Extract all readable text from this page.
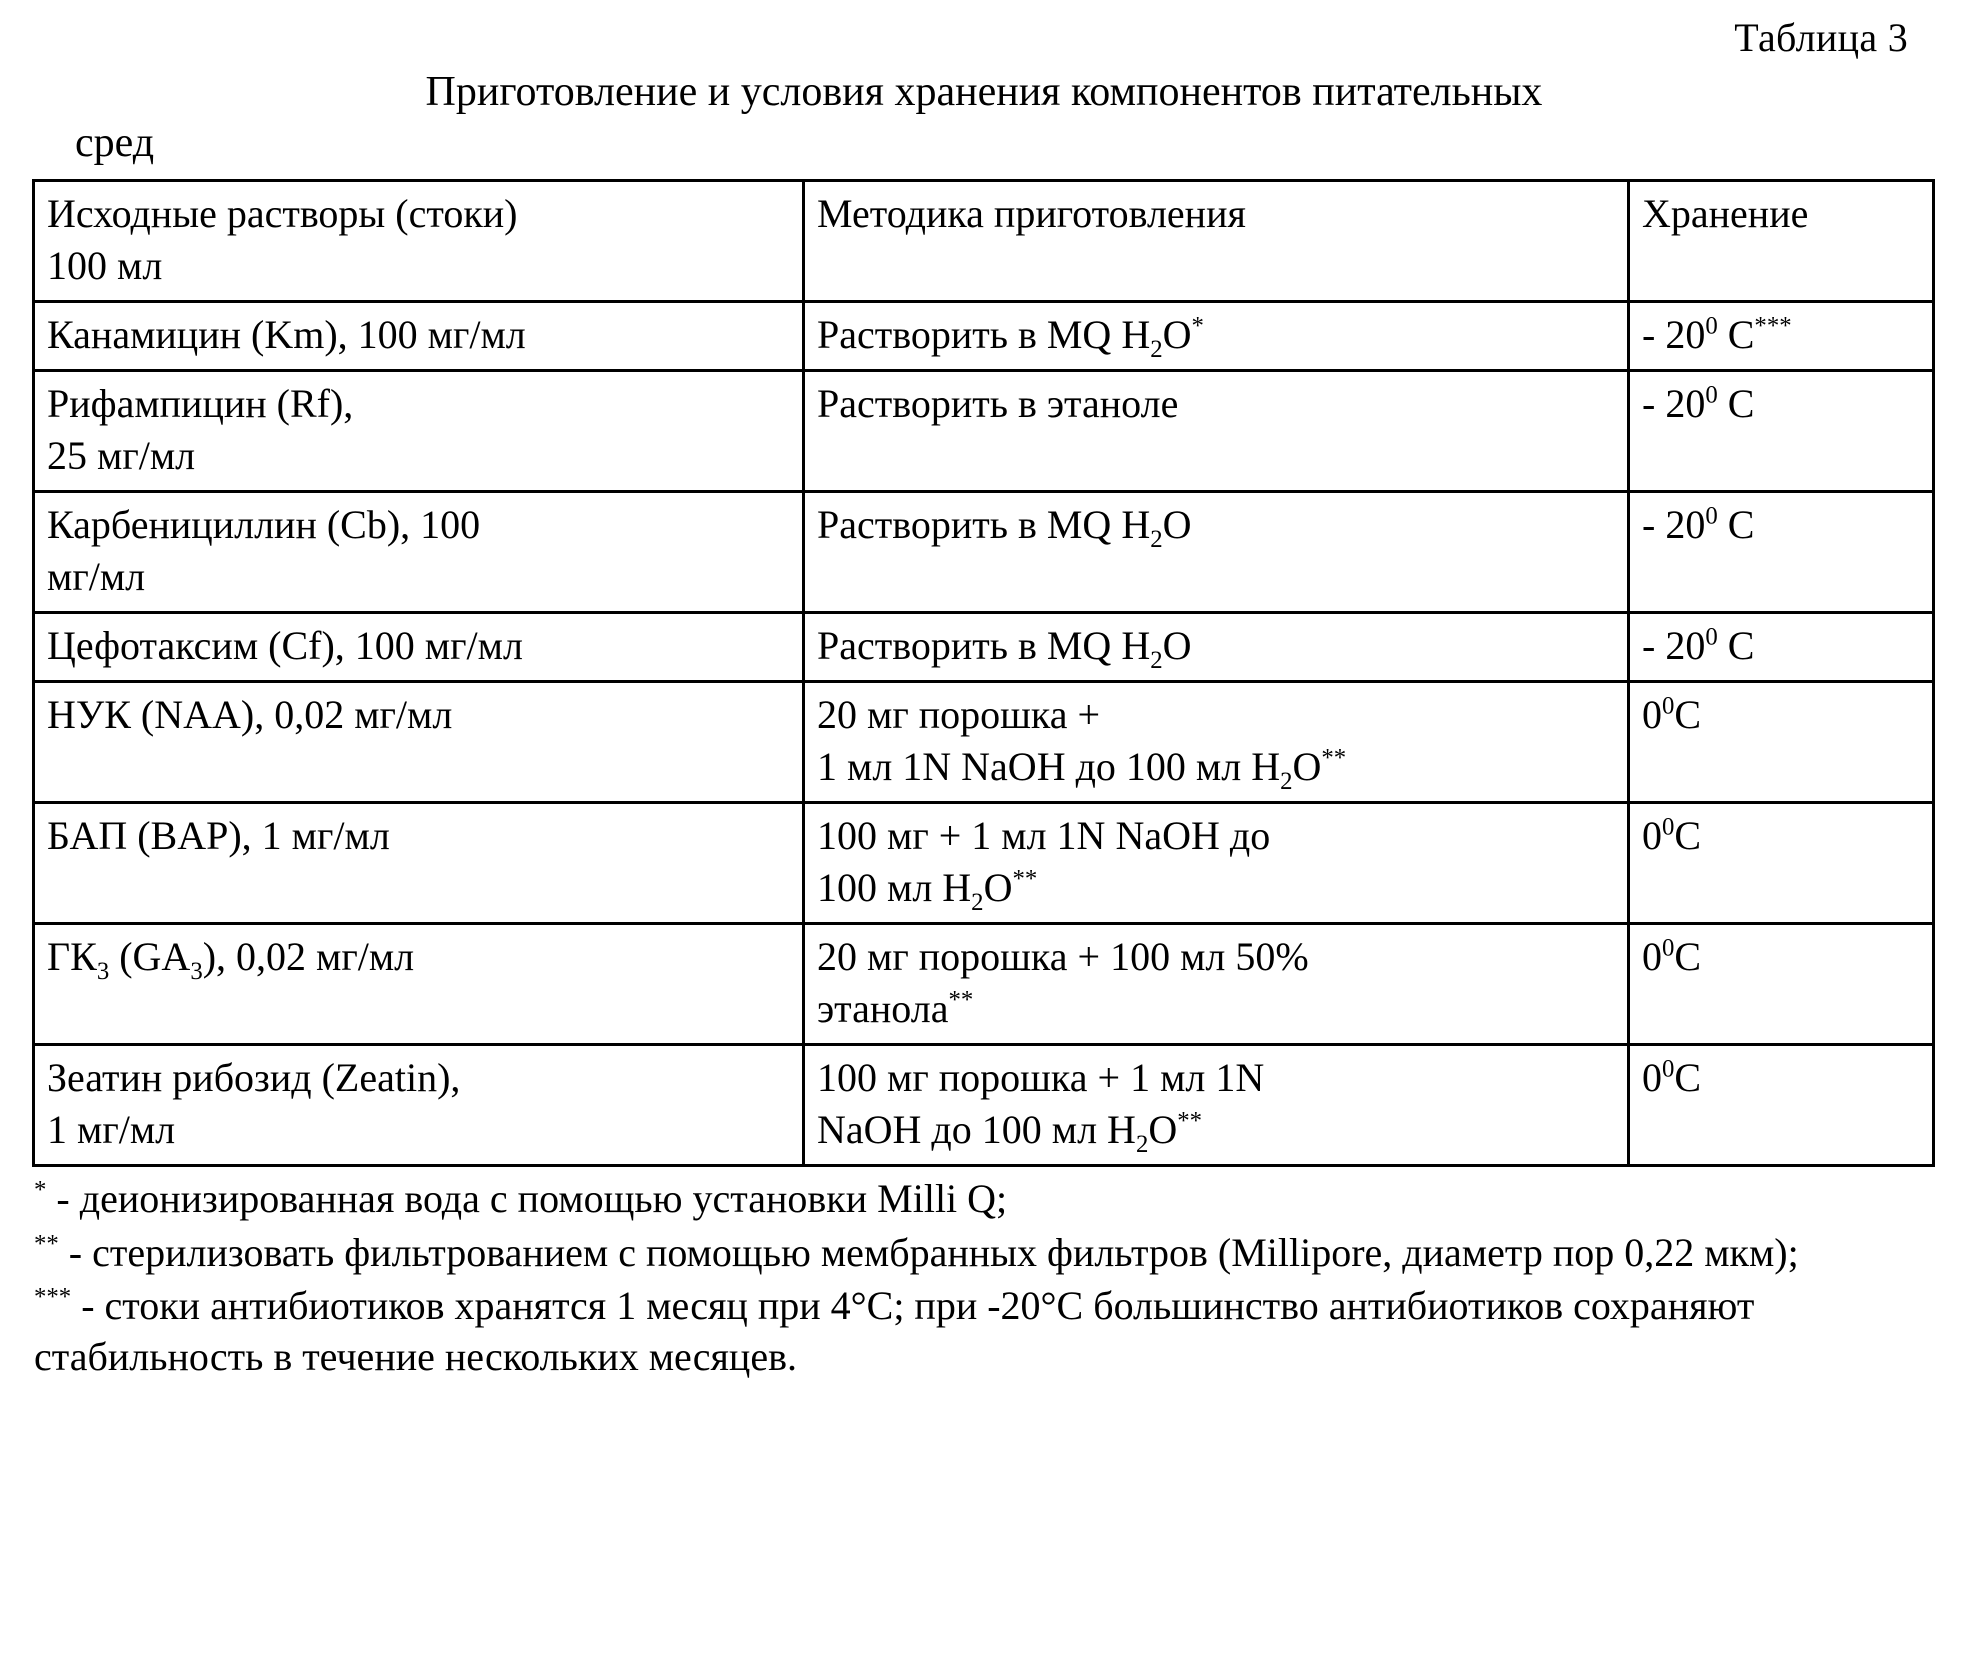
Таблица 3
Приготовление и условия хранения компонентов питательных
сред
Исходные растворы (стоки)
100 мл	Методика приготовления	Хранение

Канамицин (Km), 100 мг/мл	Растворить в MQ $H_2O^*$	- $20^0$ C***

Рифампицин (Rf),
25 мг/мл	Растворить в этаноле	- $20^0$ C

Карбенициллин (Cb), 100
мг/мл	Растворить в MQ $H_2O$	- $20^0$ C

Цефотаксим (Cf), 100 мг/мл	Растворить в MQ $H_2O$	- $20^0$ C

НУК (NAA), 0,02 мг/мл	20 мг порошка +
1 мл 1N NaOH до 100 мл $H_2O^{**}$	$0^0C$

БАП (BAP), 1 мг/мл	100 мг + 1 мл 1N NaOH до
100 мл $H_2O^{**}$	$0^0C$

$ГК_3$ $(GA_3)$, 0,02 мг/мл	20 мг порошка + 100 мл 50%
этанола**	$0^0C$

Зеатин рибозид (Zeatin),
1 мг/мл	100 мг порошка + 1 мл 1N
NaOH до 100 мл $H_2O^{**}$	$0^0C$
* - деионизированная вода с помощью установки Milli Q;
** - стерилизовать фильтрованием с помощью мембранных фильтров (Millipore, диаметр пор 0,22 мкм);
*** - стоки антибиотиков хранятся 1 месяц при 4°С; при -20°С большинство антибиотиков сохраняют стабильность в течение нескольких месяцев.
